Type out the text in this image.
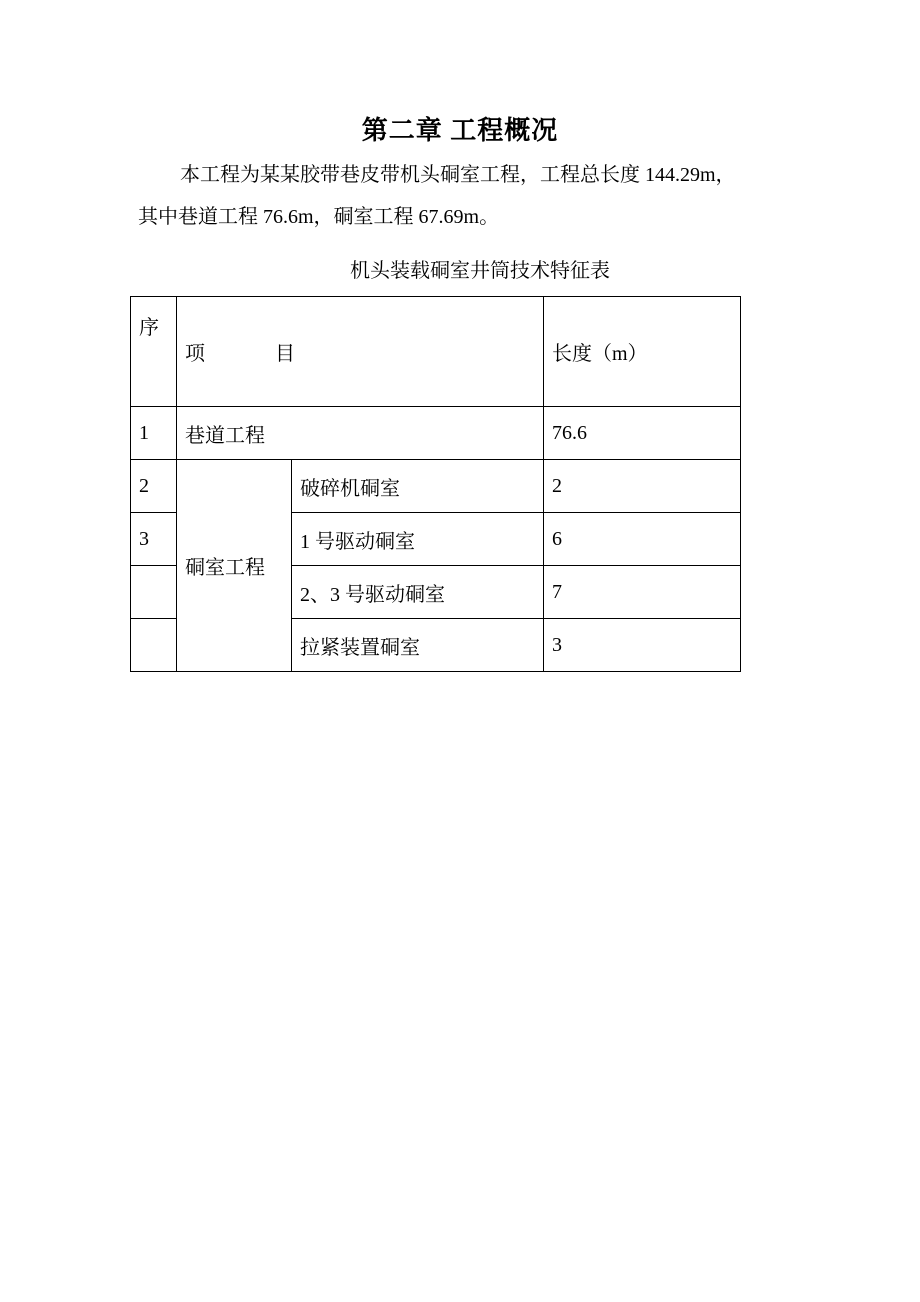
第二章 工程概况
本工程为某某胶带巷皮带机头硐室工程，工程总长度 144.29m，
其中巷道工程 76.6m，硐室工程 67.69m。
机头装载硐室井筒技术特征表
序	项 目		长度（m）
1	巷道工程		76.6
2	硐室工程	破碎机硐室	2
3		1 号驱动硐室	6
		2、3 号驱动硐室	7
		拉紧装置硐室	3
